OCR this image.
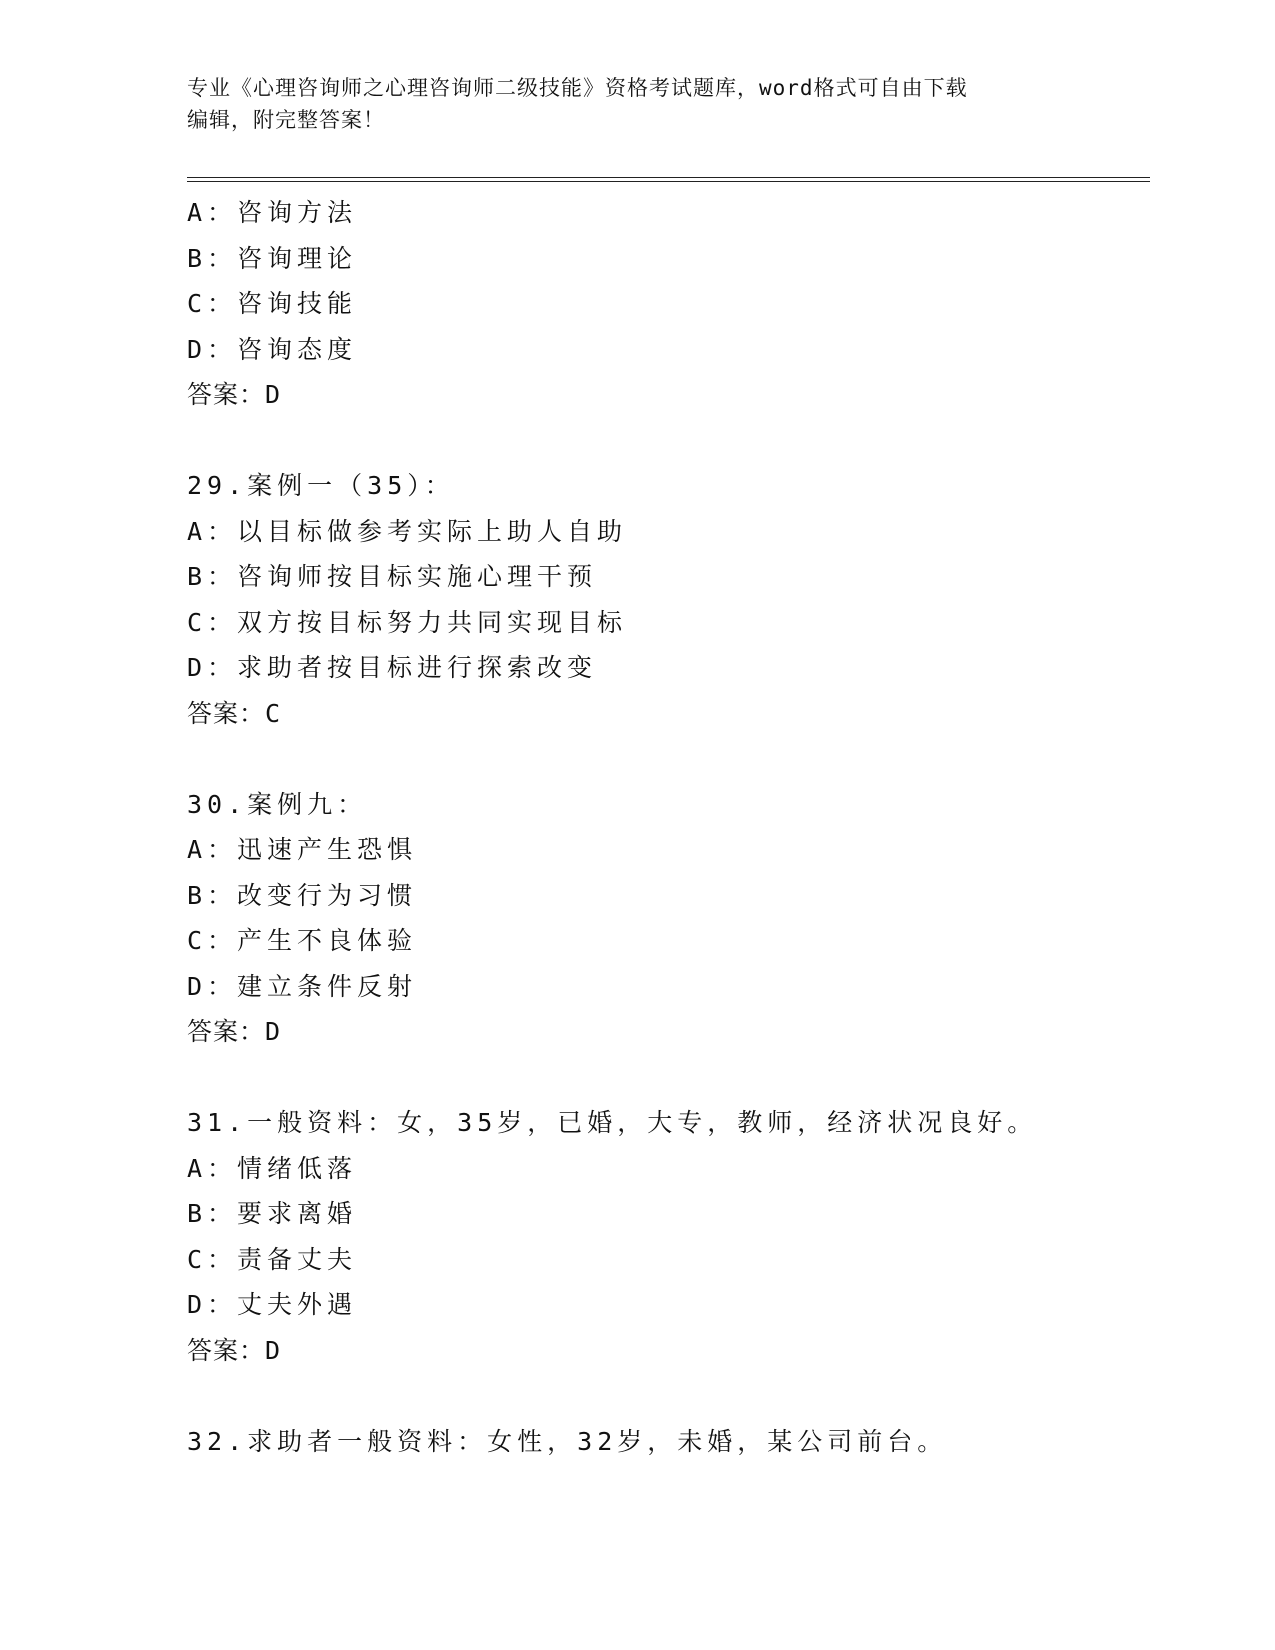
专业《心理咨询师之心理咨询师二级技能》资格考试题库，word格式可自由下载
编辑，附完整答案！
A：咨询方法
B：咨询理论
C：咨询技能
D：咨询态度
答案：D
29.案例一（35）：
A：以目标做参考实际上助人自助
B：咨询师按目标实施心理干预
C：双方按目标努力共同实现目标
D：求助者按目标进行探索改变
答案：C
30.案例九：
A：迅速产生恐惧
B：改变行为习惯
C：产生不良体验
D：建立条件反射
答案：D
31.一般资料：女，35岁，已婚，大专，教师，经济状况良好。
A：情绪低落
B：要求离婚
C：责备丈夫
D：丈夫外遇
答案：D
32.求助者一般资料：女性，32岁，未婚，某公司前台。
